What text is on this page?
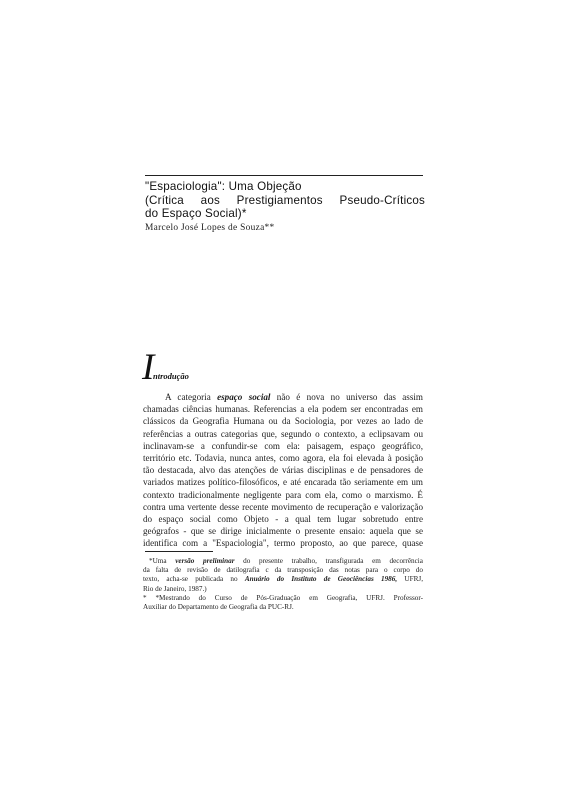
"Espaciologia": Uma Objeção
(Crítica aos Prestigiamentos Pseudo-Críticos
do Espaço Social)*
Marcelo José Lopes de Souza**
I
ntrodução
A categoria espaço social não é nova no universo das assim
chamadas ciências humanas. Referencias a ela podem ser encontradas em
clássicos da Geografia Humana ou da Sociologia, por vezes ao lado de
referências a outras categorias que, segundo o contexto, a eclipsavam ou
inclinavam-se a confundir-se com ela: paisagem, espaço geográfico,
território etc. Todavia, nunca antes, como agora, ela foi elevada à posição
tão destacada, alvo das atenções de várias disciplinas e de pensadores de
variados matizes político-filosóficos, e até encarada tão seriamente em um
contexto tradicionalmente negligente para com ela, como o marxismo. É
contra uma vertente desse recente movimento de recuperação e valorização
do espaço social como Objeto - a qual tem lugar sobretudo entre
geógrafos - que se dirige inicialmente o presente ensaio: aquela que se
identifica com a "Espaciologia", termo proposto, ao que parece, quase
*Uma versão preliminar do presente trabalho, transfigurada em decorrência
da falta de revisão de datilografia c da transposição das notas para o corpo do
texto, acha-se publicada no Anuário do Instituto de Geociências 1986, UFRJ,
Rio de Janeiro, 1987.)
* *Mestrando do Curso de Pós-Graduação em Geografia, UFRJ. Professor-
Auxiliar do Departamento de Geografia da PUC-RJ.
